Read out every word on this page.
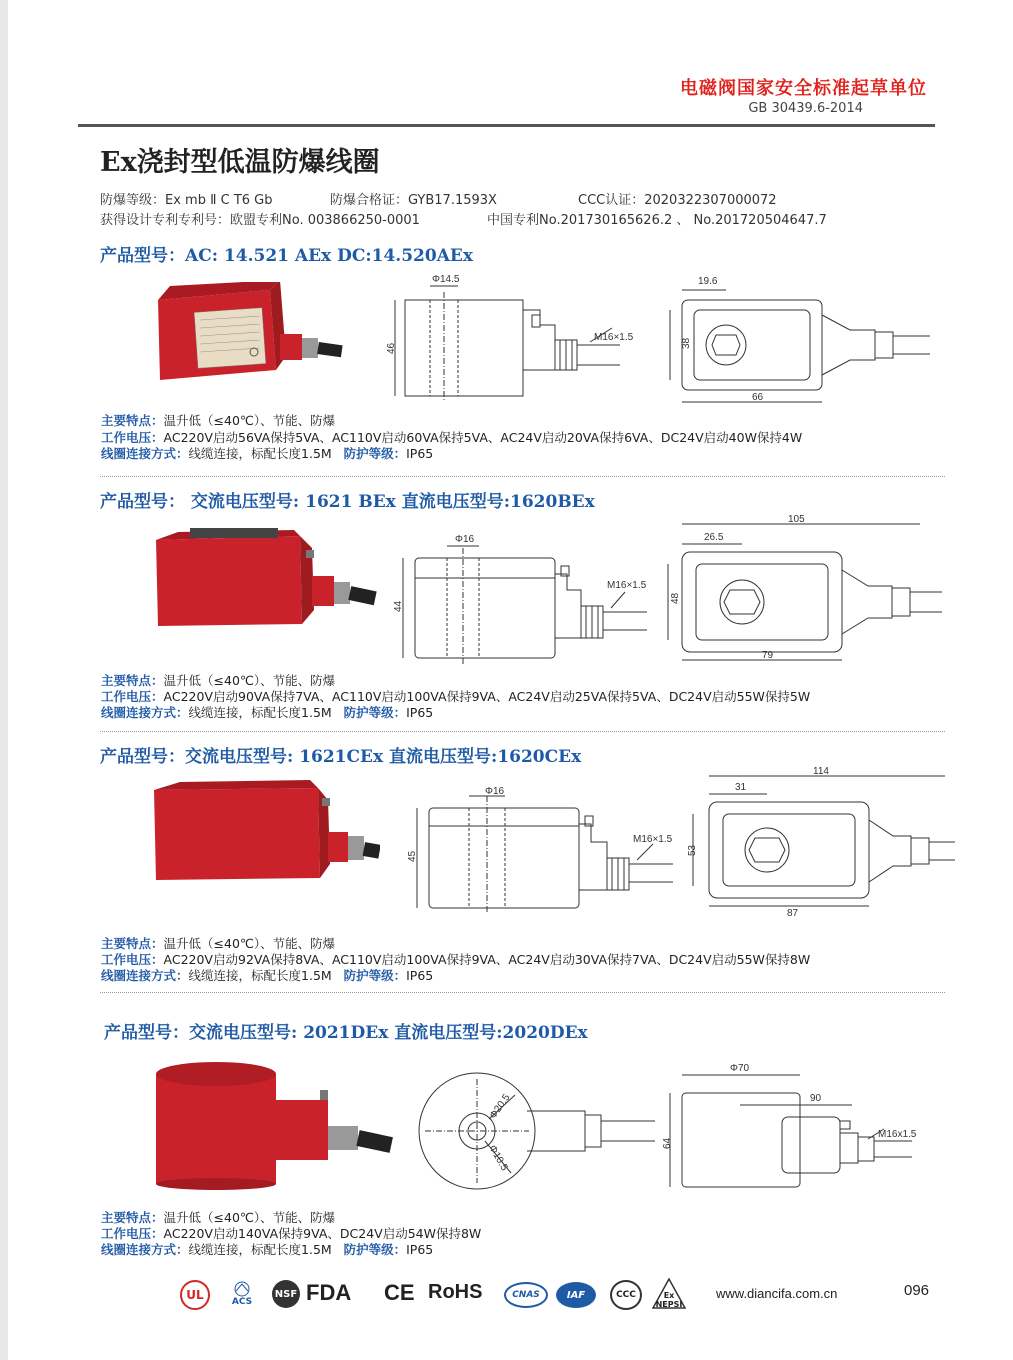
电磁阀国家安全标准起草单位
GB 30439.6-2014
Ex浇封型低温防爆线圈
防爆等级：Ex mb Ⅱ C T6 Gb	防爆合格证：GYB17.1593X	CCC认证：2020322307000072
获得设计专利专利号：欧盟专利No. 003866250-0001	中国专利No.201730165626.2 、 No.201720504647.7
产品型号：AC: 14.521 AEx DC:14.520AEx
Φ14.5
46
M16×1.5
19.6
38
66
主要特点：温升低（≤40℃）、节能、防爆
工作电压：AC220V启动56VA保持5VA、AC110V启动60VA保持5VA、AC24V启动20VA保持6VA、DC24V启动40W保持4W
线圈连接方式：线缆连接，标配长度1.5M 防护等级：IP65
产品型号： 交流电压型号: 1621 BEx 直流电压型号:1620BEx
Φ16
44
M16×1.5
105
26.5
48
79
主要特点：温升低（≤40℃）、节能、防爆
工作电压：AC220V启动90VA保持7VA、AC110V启动100VA保持9VA、AC24V启动25VA保持5VA、DC24V启动55W保持5W
线圈连接方式：线缆连接，标配长度1.5M 防护等级：IP65
产品型号：交流电压型号: 1621CEx 直流电压型号:1620CEx
Φ16
45
M16×1.5
114
31
53
87
主要特点：温升低（≤40℃）、节能、防爆
工作电压：AC220V启动92VA保持8VA、AC110V启动100VA保持9VA、AC24V启动30VA保持7VA、DC24V启动55W保持8W
线圈连接方式：线缆连接，标配长度1.5M 防护等级：IP65
产品型号：交流电压型号: 2021DEx 直流电压型号:2020DEx
Φ20.5
Φ10.5
Φ70
90
64
M16x1.5
主要特点：温升低（≤40℃）、节能、防爆
工作电压：AC220V启动140VA保持9VA、DC24V启动54W保持8W
线圈连接方式：线缆连接，标配长度1.5M 防护等级：IP65
UL	ACS
NSF FDA CE RoHS	CNAS	IAF	CCC	Ex NEPSI
www.diancifa.com.cn	096
